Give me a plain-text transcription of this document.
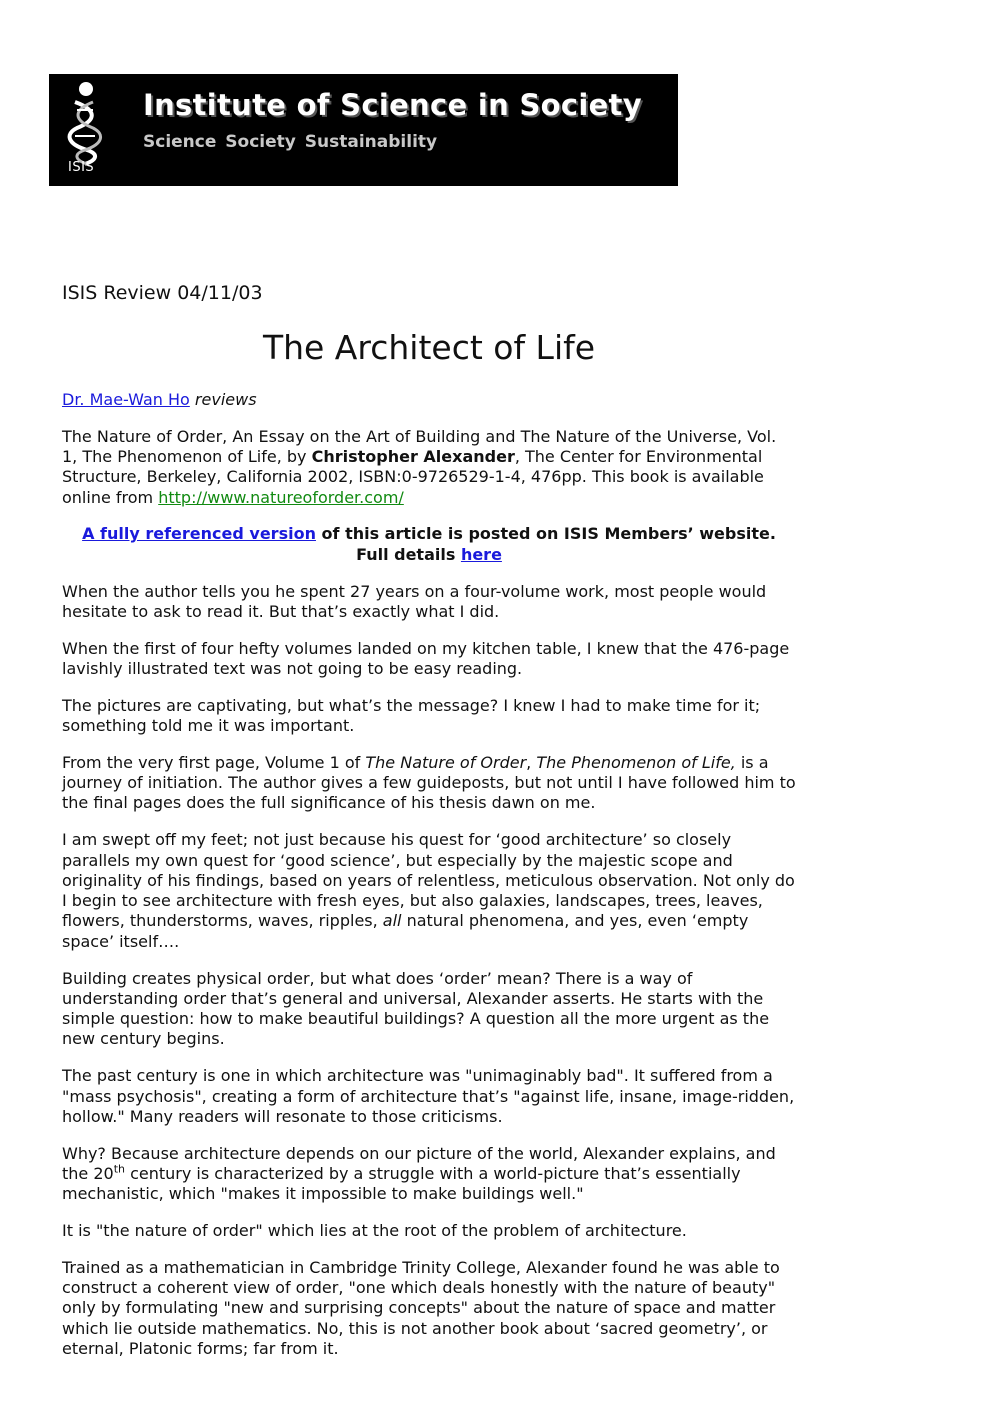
ISIS
Institute of Science in Society
Science Society Sustainability
ISIS Review 04/11/03
The Architect of Life

Dr. Mae-Wan Ho reviews

The Nature of Order, An Essay on the Art of Building and The Nature of the Universe, Vol. 1, The Phenomenon of Life, by Christopher Alexander, The Center for Environmental Structure, Berkeley, California 2002, ISBN:0-9726529-1-4, 476pp. This book is available online from http://www.natureoforder.com/

A fully referenced version of this article is posted on ISIS Members’ website.
Full details here

When the author tells you he spent 27 years on a four-volume work, most people would hesitate to ask to read it. But that’s exactly what I did.

When the first of four hefty volumes landed on my kitchen table, I knew that the 476-page lavishly illustrated text was not going to be easy reading.

The pictures are captivating, but what’s the message? I knew I had to make time for it; something told me it was important.

From the very first page, Volume 1 of The Nature of Order, The Phenomenon of Life, is a journey of initiation. The author gives a few guideposts, but not until I have followed him to the final pages does the full significance of his thesis dawn on me.

I am swept off my feet; not just because his quest for ‘good architecture’ so closely parallels my own quest for ‘good science’, but especially by the majestic scope and originality of his findings, based on years of relentless, meticulous observation. Not only do I begin to see architecture with fresh eyes, but also galaxies, landscapes, trees, leaves, flowers, thunderstorms, waves, ripples, all natural phenomena, and yes, even ‘empty space’ itself….

Building creates physical order, but what does ‘order’ mean? There is a way of understanding order that’s general and universal, Alexander asserts. He starts with the simple question: how to make beautiful buildings? A question all the more urgent as the new century begins.

The past century is one in which architecture was "unimaginably bad". It suffered from a "mass psychosis", creating a form of architecture that’s "against life, insane, image-ridden, hollow." Many readers will resonate to those criticisms.

Why? Because architecture depends on our picture of the world, Alexander explains, and the 20th century is characterized by a struggle with a world-picture that’s essentially mechanistic, which "makes it impossible to make buildings well."

It is "the nature of order" which lies at the root of the problem of architecture.

Trained as a mathematician in Cambridge Trinity College, Alexander found he was able to construct a coherent view of order, "one which deals honestly with the nature of beauty" only by formulating "new and surprising concepts" about the nature of space and matter which lie outside mathematics. No, this is not another book about ‘sacred geometry’, or eternal, Platonic forms; far from it.
